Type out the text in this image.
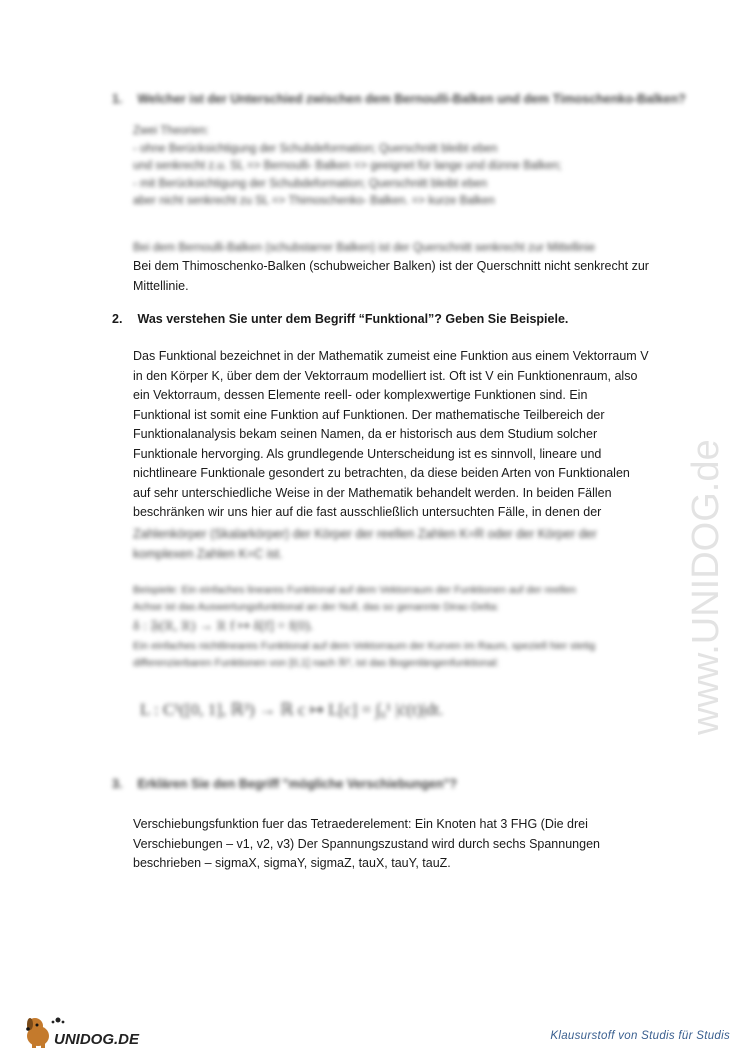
1. Welcher ist der Unterschied zwischen dem Bernoulli-Balken und dem Timoschenko-Balken?
Zwei Theorien:
- ohne Berücksichtigung der Schubdeformation; Querschnitt bleibt eben
und senkrecht z.u. SL => Bernoulli- Balken => geeignet für lange und dünne Balken;
- mit Berücksichtigung der Schubdeformation; Querschnitt bleibt eben
aber nicht senkrecht zu SL => Thimoschenko- Balken. => kurze Balken
Bei dem Bernoulli-Balken (schubstarrer Balken) ist der Querschnitt senkrecht zur Mittellinie
Bei dem Thimoschenko-Balken (schubweicher Balken) ist der Querschnitt nicht senkrecht zur
Mittellinie.
2. Was verstehen Sie unter dem Begriff “Funktional”? Geben Sie Beispiele.
Das Funktional bezeichnet in der Mathematik zumeist eine Funktion aus einem Vektorraum V
in den Körper K, über dem der Vektorraum modelliert ist. Oft ist V ein Funktionenraum, also
ein Vektorraum, dessen Elemente reell- oder komplexwertige Funktionen sind. Ein
Funktional ist somit eine Funktion auf Funktionen. Der mathematische Teilbereich der
Funktionalanalysis bekam seinen Namen, da er historisch aus dem Studium solcher
Funktionale hervorging. Als grundlegende Unterscheidung ist es sinnvoll, lineare und
nichtlineare Funktionale gesondert zu betrachten, da diese beiden Arten von Funktionalen
auf sehr unterschiedliche Weise in der Mathematik behandelt werden. In beiden Fällen
beschränken wir uns hier auf die fast ausschließlich untersuchten Fälle, in denen der
Zahlenkörper (Skalarkörper) der Körper der reellen Zahlen K=R oder der Körper der
komplexen Zahlen K=C ist.
Beispiele: Ein einfaches lineares Funktional auf dem Vektorraum der Funktionen auf der reellen
Achse ist das Auswertungsfunktional an der Null, das so genannte Dirac-Delta:
δ : 𝔉(ℝ, ℝ) → ℝ f ↦ δ[f] = f(0).
Ein einfaches nichtlineares Funktional auf dem Vektorraum der Kurven im Raum, speziell hier stetig
differenzierbaren Funktionen von [0,1] nach ℝ³, ist das Bogenlängenfunktional:
L : C¹([0, 1], ℝ³) → ℝ c ↦ L[c] = ∫₀¹ |ċ(t)|dt.
3. Erklären Sie den Begriff "mögliche Verschiebungen"?
Verschiebungsfunktion fuer das Tetraederelement: Ein Knoten hat 3 FHG (Die drei
Verschiebungen – v1, v2, v3) Der Spannungszustand wird durch sechs Spannungen
beschrieben – sigmaX, sigmaY, sigmaZ, tauX, tauY, tauZ.
www.UNIDOG.de
UNIDOG.DE	Klausurstoff von Studis für Studis
